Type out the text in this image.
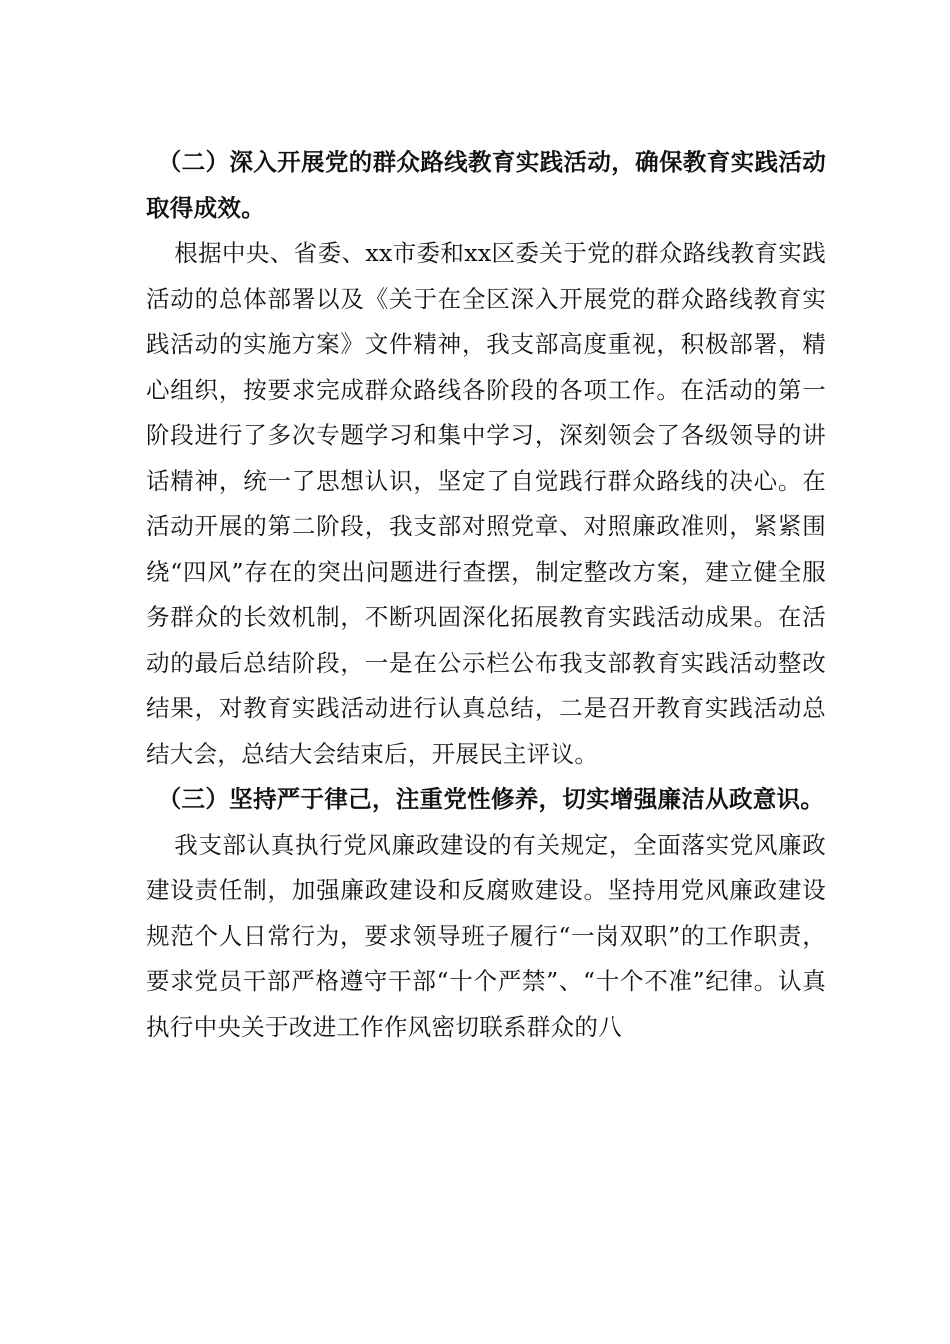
（二）深入开展党的群众路线教育实践活动，确保教育实践活动取得成效。

根据中央、省委、xx市委和xx区委关于党的群众路线教育实践活动的总体部署以及《关于在全区深入开展党的群众路线教育实践活动的实施方案》文件精神，我支部高度重视，积极部署，精心组织，按要求完成群众路线各阶段的各项工作。在活动的第一阶段进行了多次专题学习和集中学习，深刻领会了各级领导的讲话精神，统一了思想认识，坚定了自觉践行群众路线的决心。在活动开展的第二阶段，我支部对照党章、对照廉政准则，紧紧围绕“四风”存在的突出问题进行查摆，制定整改方案，建立健全服务群众的长效机制，不断巩固深化拓展教育实践活动成果。在活动的最后总结阶段，一是在公示栏公布我支部教育实践活动整改结果，对教育实践活动进行认真总结，二是召开教育实践活动总结大会，总结大会结束后，开展民主评议。

（三）坚持严于律己，注重党性修养，切实增强廉洁从政意识。

我支部认真执行党风廉政建设的有关规定，全面落实党风廉政建设责任制，加强廉政建设和反腐败建设。坚持用党风廉政建设规范个人日常行为，要求领导班子履行“一岗双职”的工作职责，要求党员干部严格遵守干部“十个严禁”、“十个不准”纪律。认真执行中央关于改进工作作风密切联系群众的八
